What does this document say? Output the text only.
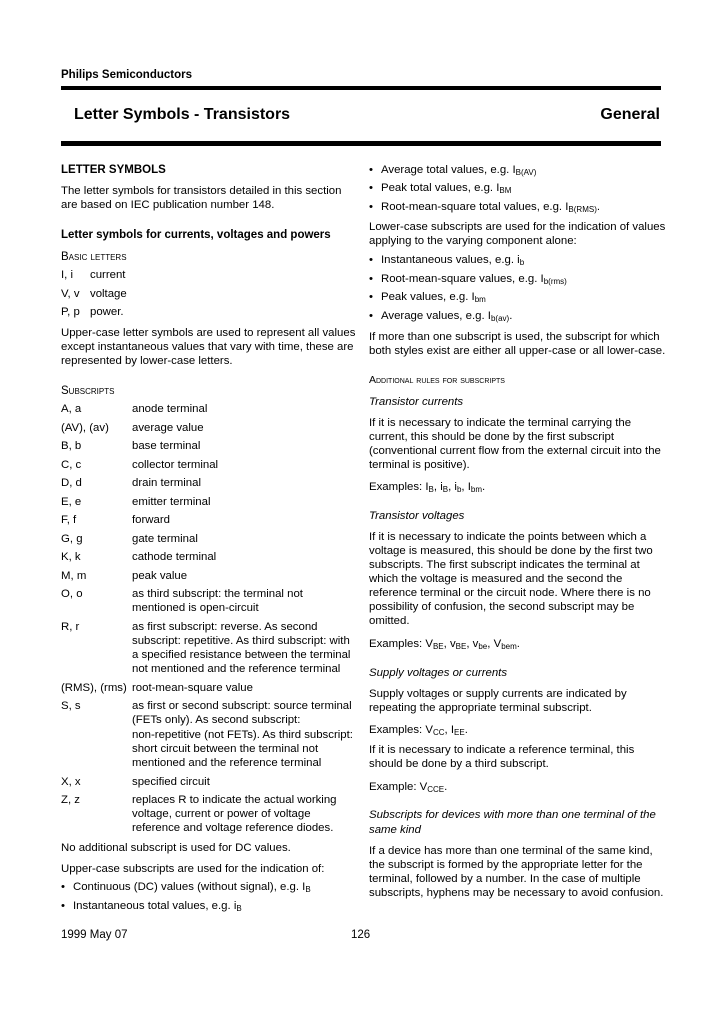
Philips Semiconductors
Letter Symbols - Transistors	General
LETTER SYMBOLS
The letter symbols for transistors detailed in this section
are based on IEC publication number 148.
Letter symbols for currents, voltages and powers
Basic letters
I, i current
V, v voltage
P, p power.
Upper-case letter symbols are used to represent all values
except instantaneous values that vary with time, these are
represented by lower-case letters.
Subscripts
A, a	anode terminal
(AV), (av) average value
B, b	base terminal
C, c	collector terminal
D, d	drain terminal
E, e	emitter terminal
F, f	forward
G, g	gate terminal
K, k	cathode terminal
M, m	peak value
O, o	as third subscript: the terminal not
mentioned is open-circuit
R, r	as first subscript: reverse. As second
subscript: repetitive. As third subscript: with
a specified resistance between the terminal
not mentioned and the reference terminal
(RMS), (rms) root-mean-square value
S, s	as first or second subscript: source terminal
(FETs only). As second subscript:
non-repetitive (not FETs). As third subscript:
short circuit between the terminal not
mentioned and the reference terminal
X, x	specified circuit
Z, z	replaces R to indicate the actual working
voltage, current or power of voltage
reference and voltage reference diodes.
No additional subscript is used for DC values.
Upper-case subscripts are used for the indication of:
• Continuous (DC) values (without signal), e.g. $I_B$
• Instantaneous total values, e.g. $i_B$
• Average total values, e.g. $I_{B(AV)}$
• Peak total values, e.g. $I_{BM}$
• Root-mean-square total values, e.g. $I_{B(RMS)}$.
Lower-case subscripts are used for the indication of values
applying to the varying component alone:
• Instantaneous values, e.g. $i_b$
• Root-mean-square values, e.g. $I_{b(rms)}$
• Peak values, e.g. $I_{bm}$
• Average values, e.g. $I_{b(av)}$.
If more than one subscript is used, the subscript for which
both styles exist are either all upper-case or all lower-case.
Additional rules for subscripts
Transistor currents
If it is necessary to indicate the terminal carrying the
current, this should be done by the first subscript
(conventional current flow from the external circuit into the
terminal is positive).
Examples: $I_B$, $i_B$, $i_b$, $I_{bm}$.
Transistor voltages
If it is necessary to indicate the points between which a
voltage is measured, this should be done by the first two
subscripts. The first subscript indicates the terminal at
which the voltage is measured and the second the
reference terminal or the circuit node. Where there is no
possibility of confusion, the second subscript may be
omitted.
Examples: $V_{BE}$, $v_{BE}$, $v_{be}$, $V_{bem}$.
Supply voltages or currents
Supply voltages or supply currents are indicated by
repeating the appropriate terminal subscript.
Examples: $V_{CC}$, $I_{EE}$.
If it is necessary to indicate a reference terminal, this
should be done by a third subscript.
Example: $V_{CCE}$.
Subscripts for devices with more than one terminal of the
same kind
If a device has more than one terminal of the same kind,
the subscript is formed by the appropriate letter for the
terminal, followed by a number. In the case of multiple
subscripts, hyphens may be necessary to avoid confusion.
1999 May 07	126
